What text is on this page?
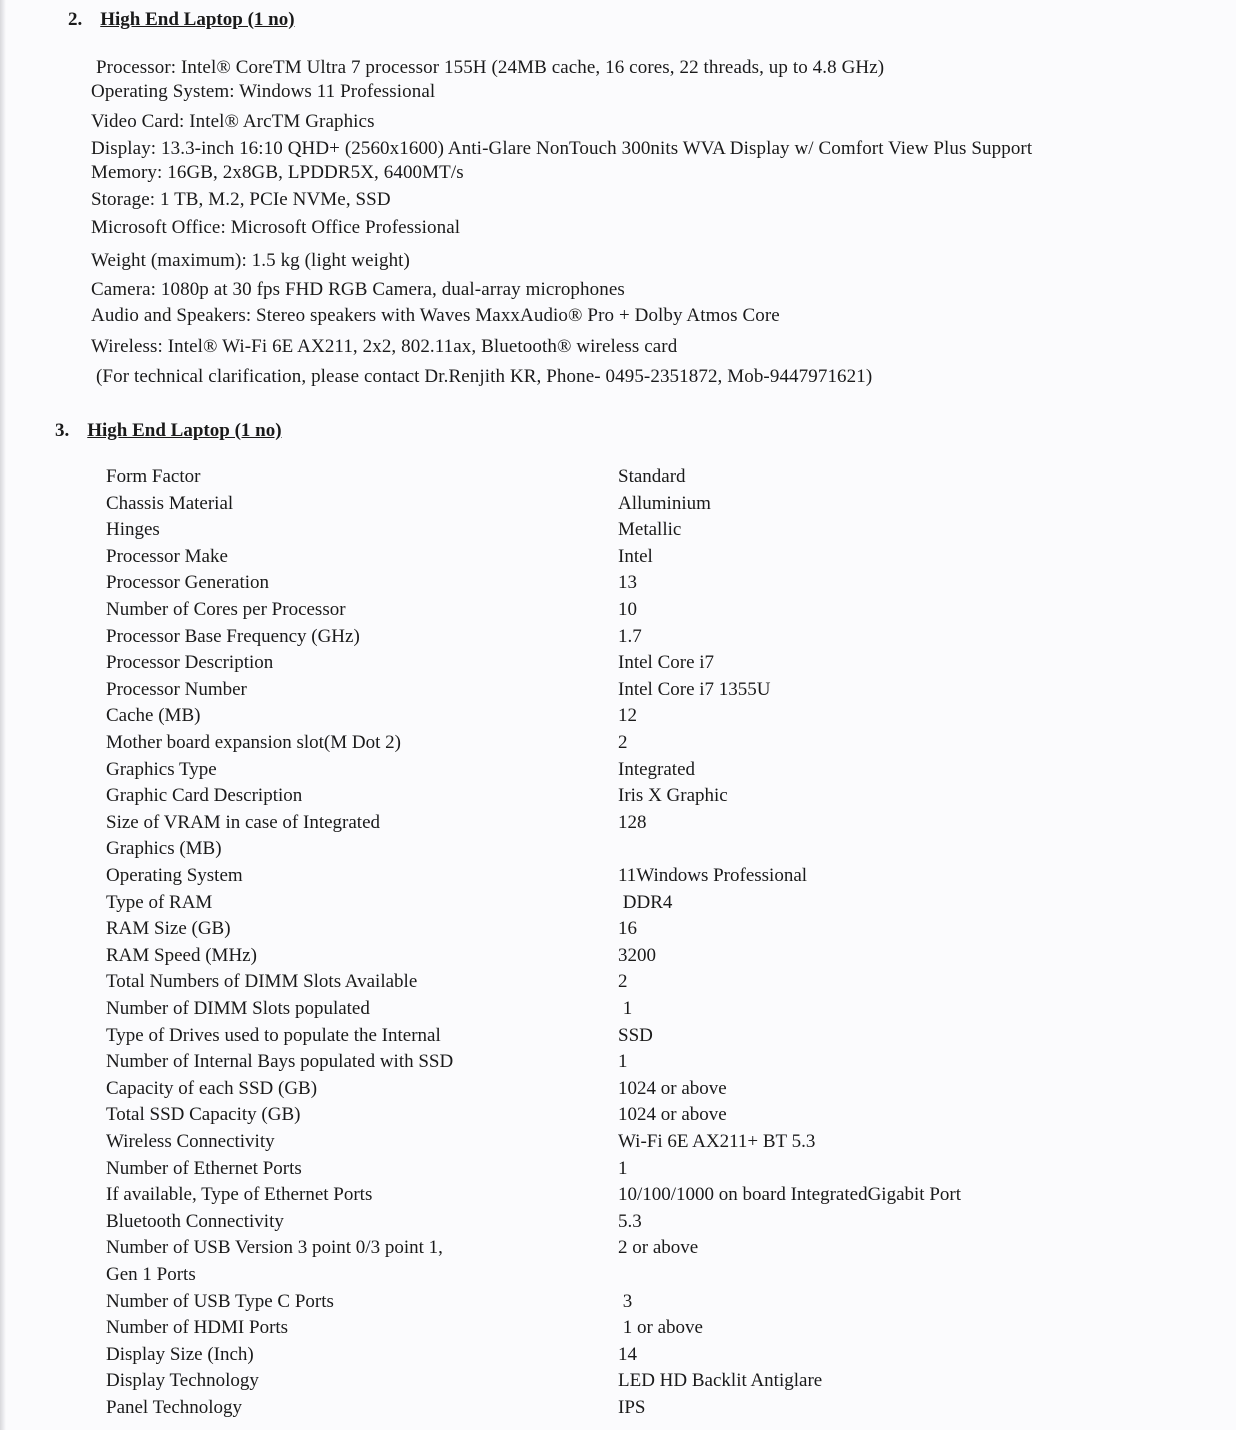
2. High End Laptop (1 no)
Processor: Intel® CoreTM Ultra 7 processor 155H (24MB cache, 16 cores, 22 threads, up to 4.8 GHz)
Operating System: Windows 11 Professional
Video Card: Intel® ArcTM Graphics
Display: 13.3-inch 16:10 QHD+ (2560x1600) Anti-Glare NonTouch 300nits WVA Display w/ Comfort View Plus Support
Memory: 16GB, 2x8GB, LPDDR5X, 6400MT/s
Storage: 1 TB, M.2, PCIe NVMe, SSD
Microsoft Office: Microsoft Office Professional
Weight (maximum): 1.5 kg (light weight)
Camera: 1080p at 30 fps FHD RGB Camera, dual-array microphones
Audio and Speakers: Stereo speakers with Waves MaxxAudio® Pro + Dolby Atmos Core
Wireless: Intel® Wi-Fi 6E AX211, 2x2, 802.11ax, Bluetooth® wireless card
(For technical clarification, please contact Dr.Renjith KR, Phone- 0495-2351872, Mob-9447971621)
3. High End Laptop (1 no)
Form Factor	Standard
Chassis Material	Alluminium
Hinges	Metallic
Processor Make	Intel
Processor Generation	13
Number of Cores per Processor	10
Processor Base Frequency (GHz)	1.7
Processor Description	Intel Core i7
Processor Number	Intel Core i7 1355U
Cache (MB)	12
Mother board expansion slot(M Dot 2)	2
Graphics Type	Integrated
Graphic Card Description	Iris X Graphic
Size of VRAM in case of Integrated	128
Graphics (MB)
Operating System	11Windows Professional
Type of RAM	DDR4
RAM Size (GB)	16
RAM Speed (MHz)	3200
Total Numbers of DIMM Slots Available	2
Number of DIMM Slots populated	1
Type of Drives used to populate the Internal	SSD
Number of Internal Bays populated with SSD	1
Capacity of each SSD (GB)	1024 or above
Total SSD Capacity (GB)	1024 or above
Wireless Connectivity	Wi-Fi 6E AX211+ BT 5.3
Number of Ethernet Ports	1
If available, Type of Ethernet Ports	10/100/1000 on board IntegratedGigabit Port
Bluetooth Connectivity	5.3
Number of USB Version 3 point 0/3 point 1,	2 or above
Gen 1 Ports
Number of USB Type C Ports	3
Number of HDMI Ports	1 or above
Display Size (Inch)	14
Display Technology	LED HD Backlit Antiglare
Panel Technology	IPS
